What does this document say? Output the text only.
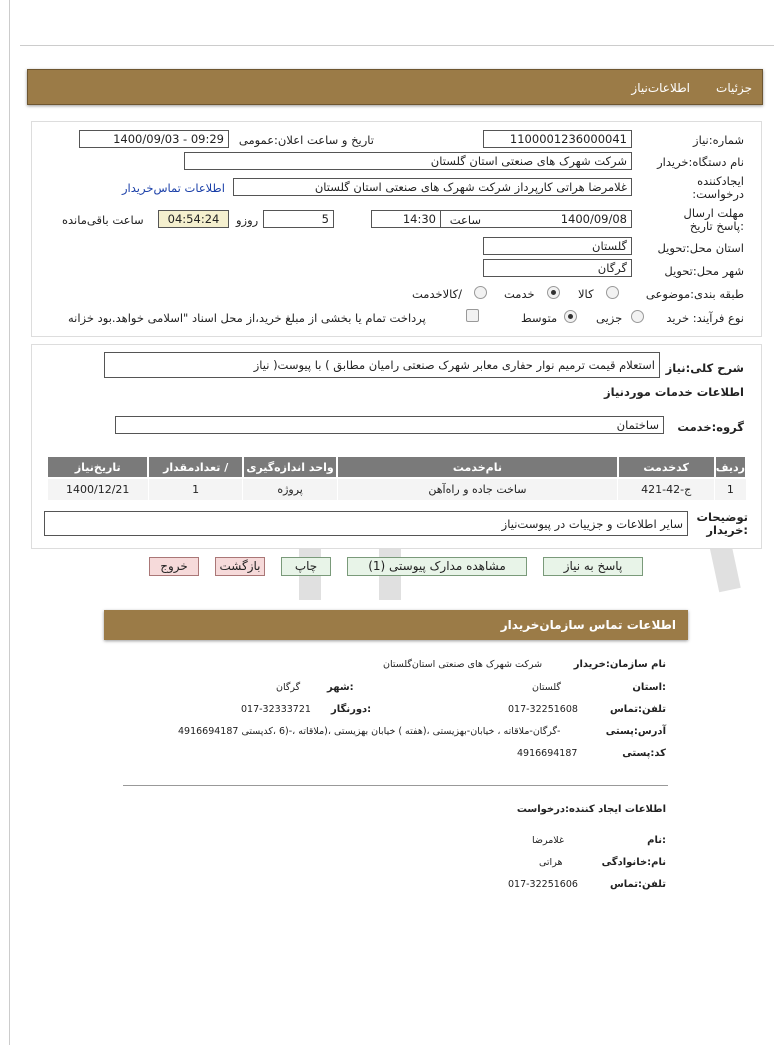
جزئیات
اطلاعات‌نیاز
شماره:نیاز
1100001236000041
تاریخ و ساعت اعلان:عمومی
1400/09/03 - 09:29
نام دستگاه:خریدار
شرکت شهرک های صنعتی استان گلستان
ایجادکننده درخواست:
غلامرضا هراتی کارپرداز شرکت شهرک های صنعتی استان گلستان
اطلاعات تماس‌خریدار
مهلت ارسال :پاسخ تاریخ
1400/09/08
ساعت
14:30
5
روزو
04:54:24
ساعت باقی‌مانده
استان محل:تحویل
گلستان
شهر محل:تحویل
گرگان
طبقه بندی:موضوعی
کالا
خدمت
/کالاخدمت
نوع فرآیند: خرید
جزیی
متوسط
پرداخت تمام یا بخشی از مبلغ خرید،از محل اسناد "اسلامی خواهد.بود خزانه
شرح کلی:نیاز
استعلام قیمت ترمیم نوار حفاری معابر شهرک صنعتی رامیان مطابق ) با پیوست( نیاز
اطلاعات خدمات موردنیاز
گروه:خدمت
ساختمان
ردیف	کدخدمت	نام‌خدمت	واحد اندازه‌گیری	/ تعدادمقدار	تاریخ‌نیاز
1	ج-42-421	ساخت جاده و راه‌آهن	پروژه	1	1400/12/21
توضیحات :خریدار
سایر اطلاعات و جزییات در پیوست‌نیاز
پاسخ به نیاز
مشاهده مدارک پیوستی (1)
چاپ
بازگشت
خروج
اطلاعات تماس سازمان‌خریدار
نام سازمان:خریدار
شرکت شهرک های صنعتی استان‌گلستان
:استان
گلستان
:شهر
گرگان
تلفن:تماس
017-32251608
:دورنگار
017-32333721
آدرس:پستی
-گرگان-ملاقاته ، خیابان-بهزیستی ،(هفته ) خیابان بهزیستی ،(ملاقاته ،-(6 ،کدپستی 4916694187
کد:پستی
4916694187
اطلاعات ایجاد کننده:درخواست
:نام
غلامرضا
نام:خانوادگی
هراتی
تلفن:تماس
017-32251606
